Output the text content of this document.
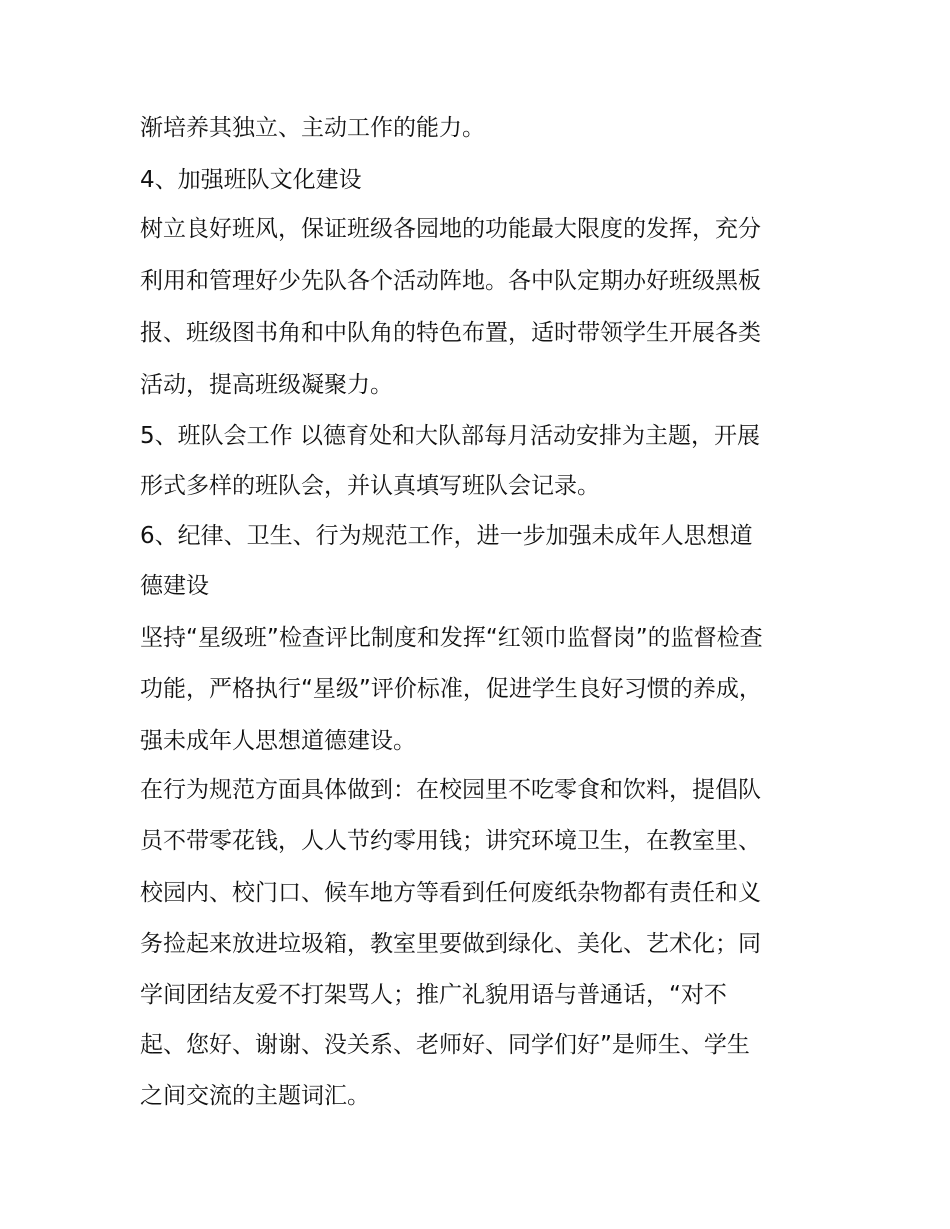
渐培养其独立、主动工作的能力。

4、加强班队文化建设

树立良好班风，保证班级各园地的功能最大限度的发挥，充分

利用和管理好少先队各个活动阵地。各中队定期办好班级黑板

报、班级图书角和中队角的特色布置，适时带领学生开展各类

活动，提高班级凝聚力。

5、班队会工作 以德育处和大队部每月活动安排为主题，开展

形式多样的班队会，并认真填写班队会记录。

6、纪律、卫生、行为规范工作，进一步加强未成年人思想道

德建设

坚持“星级班”检查评比制度和发挥“红领巾监督岗”的监督检查

功能，严格执行“星级”评价标准，促进学生良好习惯的养成，

强未成年人思想道德建设。

在行为规范方面具体做到：在校园里不吃零食和饮料，提倡队

员不带零花钱，人人节约零用钱；讲究环境卫生，在教室里、

校园内、校门口、候车地方等看到任何废纸杂物都有责任和义

务捡起来放进垃圾箱，教室里要做到绿化、美化、艺术化；同

学间团结友爱不打架骂人；推广礼貌用语与普通话，“对不

起、您好、谢谢、没关系、老师好、同学们好”是师生、学生

之间交流的主题词汇。
